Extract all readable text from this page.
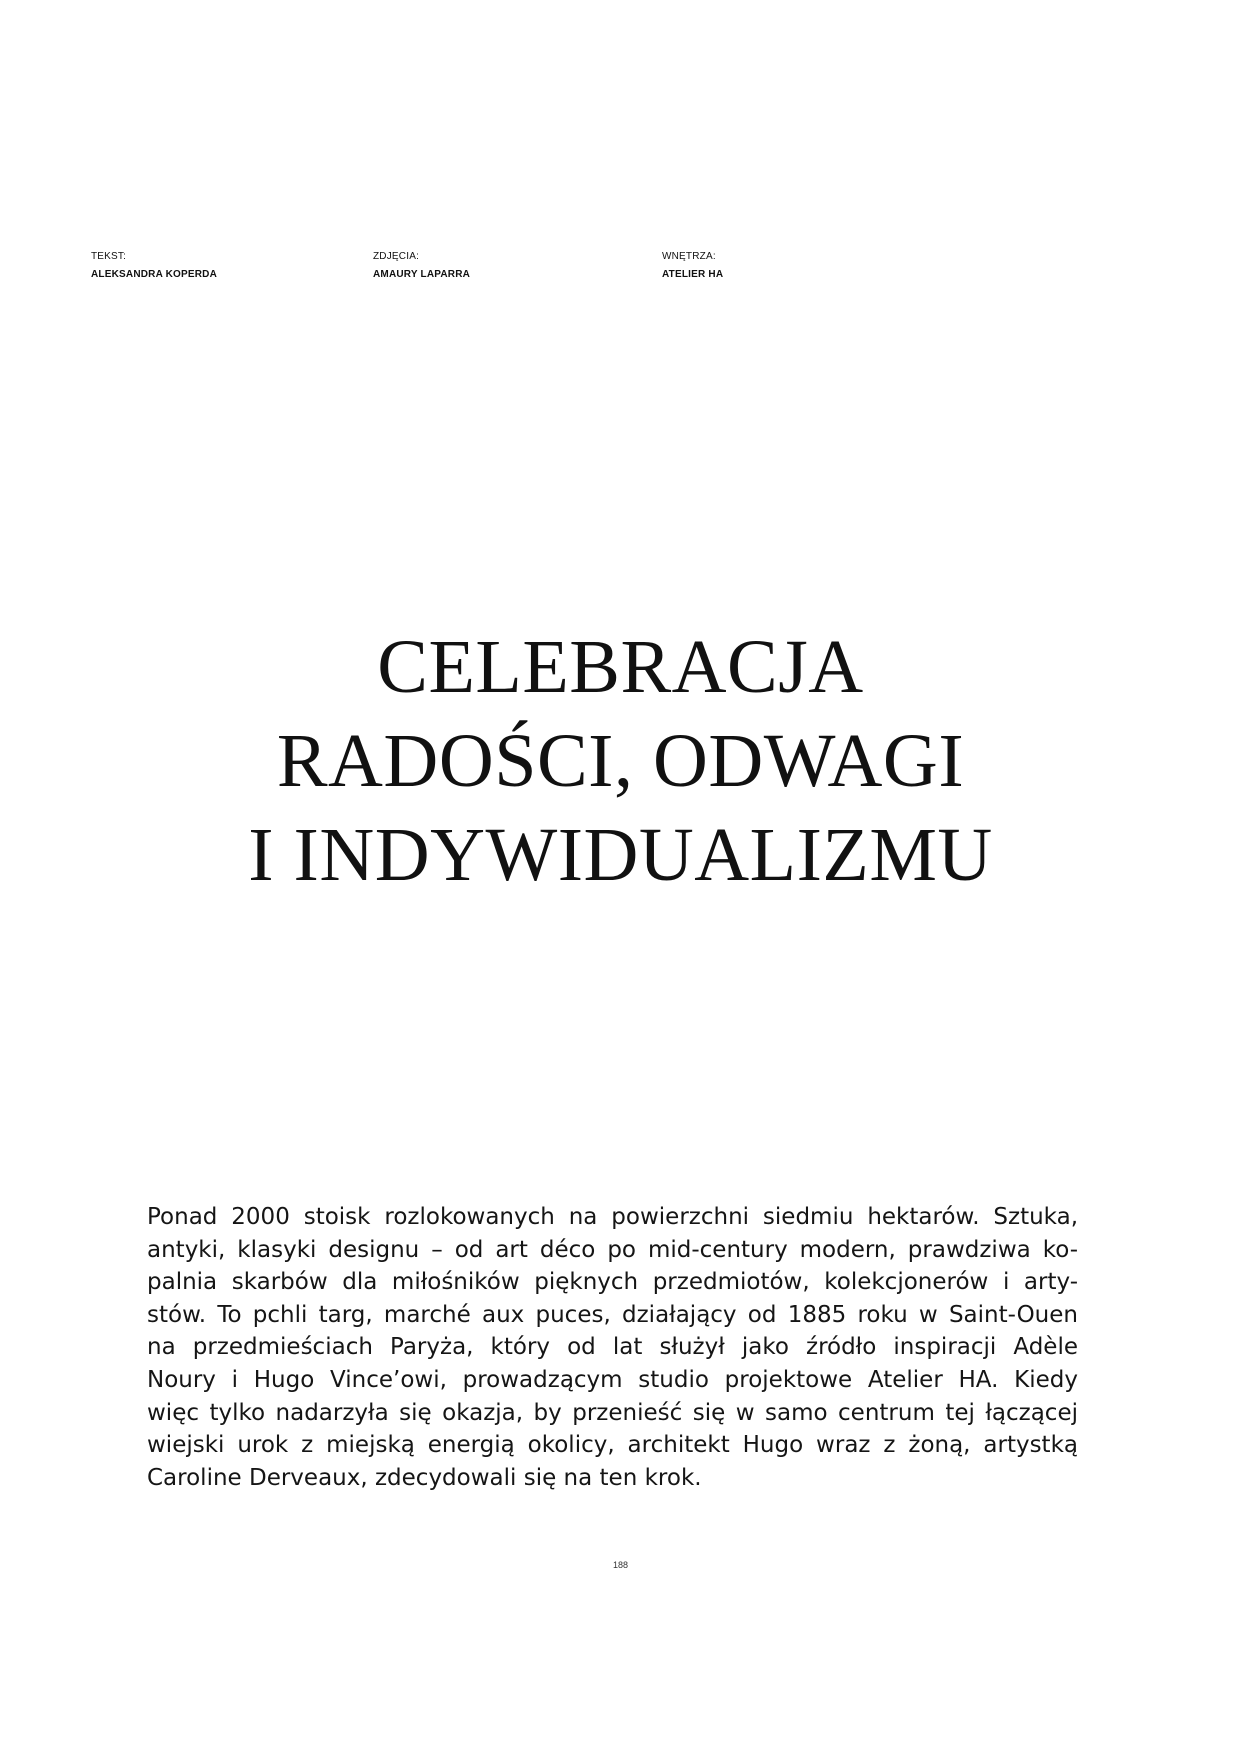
TEKST:
ALEKSANDRA KOPERDA
ZDJĘCIA:
AMAURY LAPARRA
WNĘTRZA:
ATELIER HA
CELEBRACJA
RADOŚCI, ODWAGI
I INDYWIDUALIZMU

Ponad 2000 stoisk rozlokowanych na powierzchni siedmiu hektarów. Sztuka,
antyki, klasyki designu – od art déco po mid-century modern, prawdziwa ko-
palnia skarbów dla miłośników pięknych przedmiotów, kolekcjonerów i arty-
stów. To pchli targ, marché aux puces, działający od 1885 roku w Saint-Ouen
na przedmieściach Paryża, który od lat służył jako źródło inspiracji Adèle
Noury i Hugo Vince’owi, prowadzącym studio projektowe Atelier HA. Kiedy
więc tylko nadarzyła się okazja, by przenieść się w samo centrum tej łączącej
wiejski urok z miejską energią okolicy, architekt Hugo wraz z żoną, artystką
Caroline Derveaux, zdecydowali się na ten krok.

188
